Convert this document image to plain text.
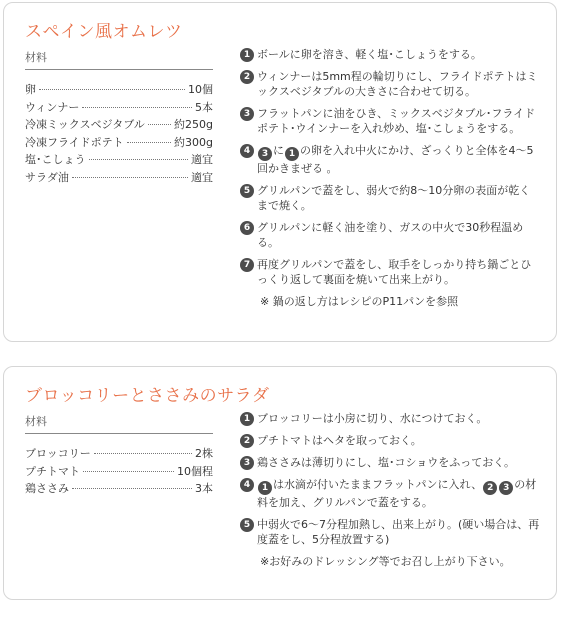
スペイン風オムレツ
材料
卵	10個
ウィンナー	5本
冷凍ミックスベジタブル	約250g
冷凍フライドポテト	約300g
塩･こしょう	適宜
サラダ油	適宜
1 ボールに卵を溶き、軽く塩･こしょうをする。
2 ウィンナーは5mm程の輪切りにし、フライドポテトはミックスベジタブルの大きさに合わせて切る。
3 フラットパンに油をひき、ミックスベジタブル･フライドポテト･ウインナーを入れ炒め、塩･こしょうをする。
4	3 に 1 の卵を入れ中火にかけ、ざっくりと全体を4～5回かきまぜる 。
5 グリルパンで蓋をし、弱火で約8～10分卵の表面が乾くまで焼く。
6 グリルパンに軽く油を塗り、ガスの中火で30秒程温める。
7 再度グリルパンで蓋をし、取手をしっかり持ち鍋ごとひっくり返して裏面を焼いて出来上がり。
※ 鍋の返し方はレシピのP11パンを参照
ブロッコリーとささみのサラダ
材料
ブロッコリー	2株
プチトマト	10個程
鶏ささみ	3本
1 ブロッコリーは小房に切り、水につけておく。
2 プチトマトはヘタを取っておく。
3 鶏ささみは薄切りにし、塩･コショウをふっておく。
4	1 は水滴が付いたままフラットパンに入れ、 2 3 の材料を加え、グリルパンで蓋をする。
5 中弱火で6～7分程加熱し、出来上がり。(硬い場合は、再度蓋をし、5分程放置する)
※お好みのドレッシング等でお召し上がり下さい。
